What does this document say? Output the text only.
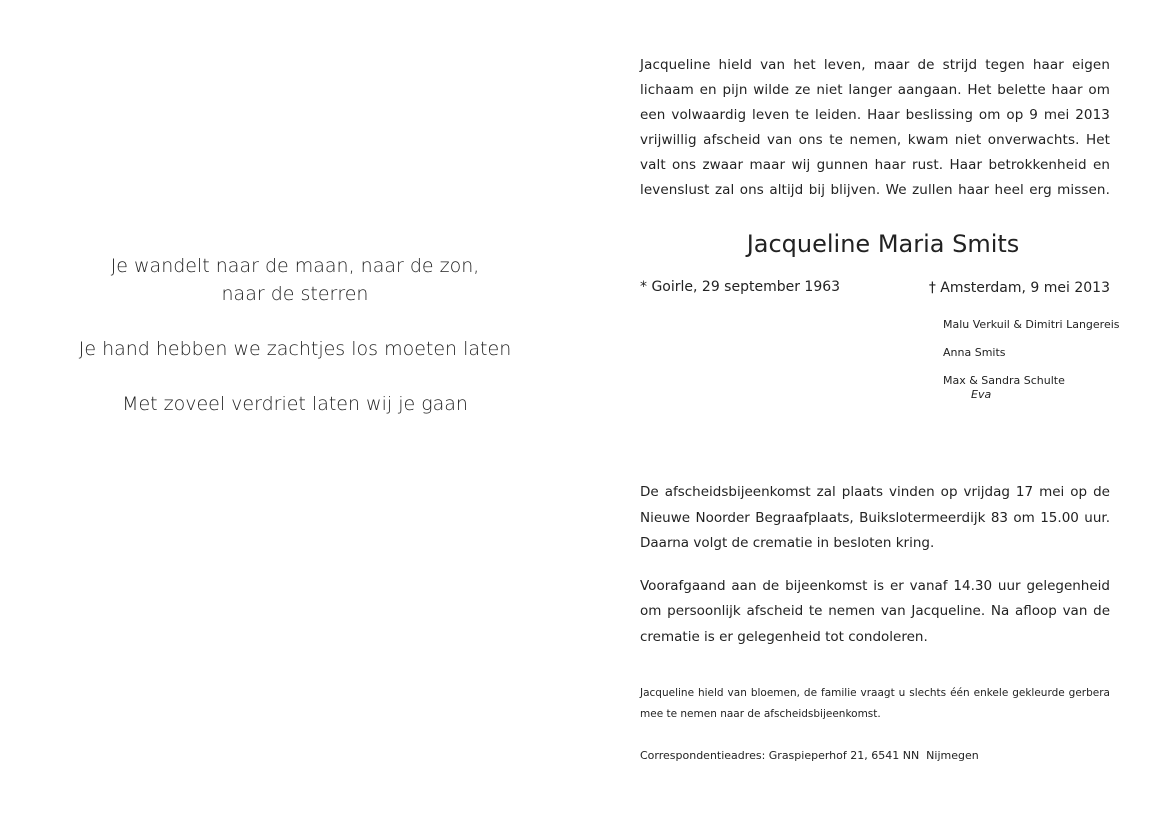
Je wandelt naar de maan, naar de zon,
naar de sterren

Je hand hebben we zachtjes los moeten laten

Met zoveel verdriet laten wij je gaan

Jacqueline hield van het leven, maar de strijd tegen haar eigen
lichaam en pijn wilde ze niet langer aangaan. Het belette haar om
een volwaardig leven te leiden. Haar beslissing om op 9 mei 2013
vrijwillig afscheid van ons te nemen, kwam niet onverwachts. Het
valt ons zwaar maar wij gunnen haar rust. Haar betrokkenheid en
levenslust zal ons altijd bij blijven. We zullen haar heel erg missen.
Jacqueline Maria Smits
* Goirle, 29 september 1963	† Amsterdam, 9 mei 2013
Malu Verkuil & Dimitri Langereis
Anna Smits
Max & Sandra Schulte
Eva

De afscheidsbijeenkomst zal plaats vinden op vrijdag 17 mei op de
Nieuwe Noorder Begraafplaats, Buikslotermeerdijk 83 om 15.00 uur.
Daarna volgt de crematie in besloten kring.

Voorafgaand aan de bijeenkomst is er vanaf 14.30 uur gelegenheid
om persoonlijk afscheid te nemen van Jacqueline. Na afloop van de
crematie is er gelegenheid tot condoleren.

Jacqueline hield van bloemen, de familie vraagt u slechts één enkele gekleurde gerbera
mee te nemen naar de afscheidsbijeenkomst.
Correspondentieadres: Graspieperhof 21, 6541 NN  Nijmegen
